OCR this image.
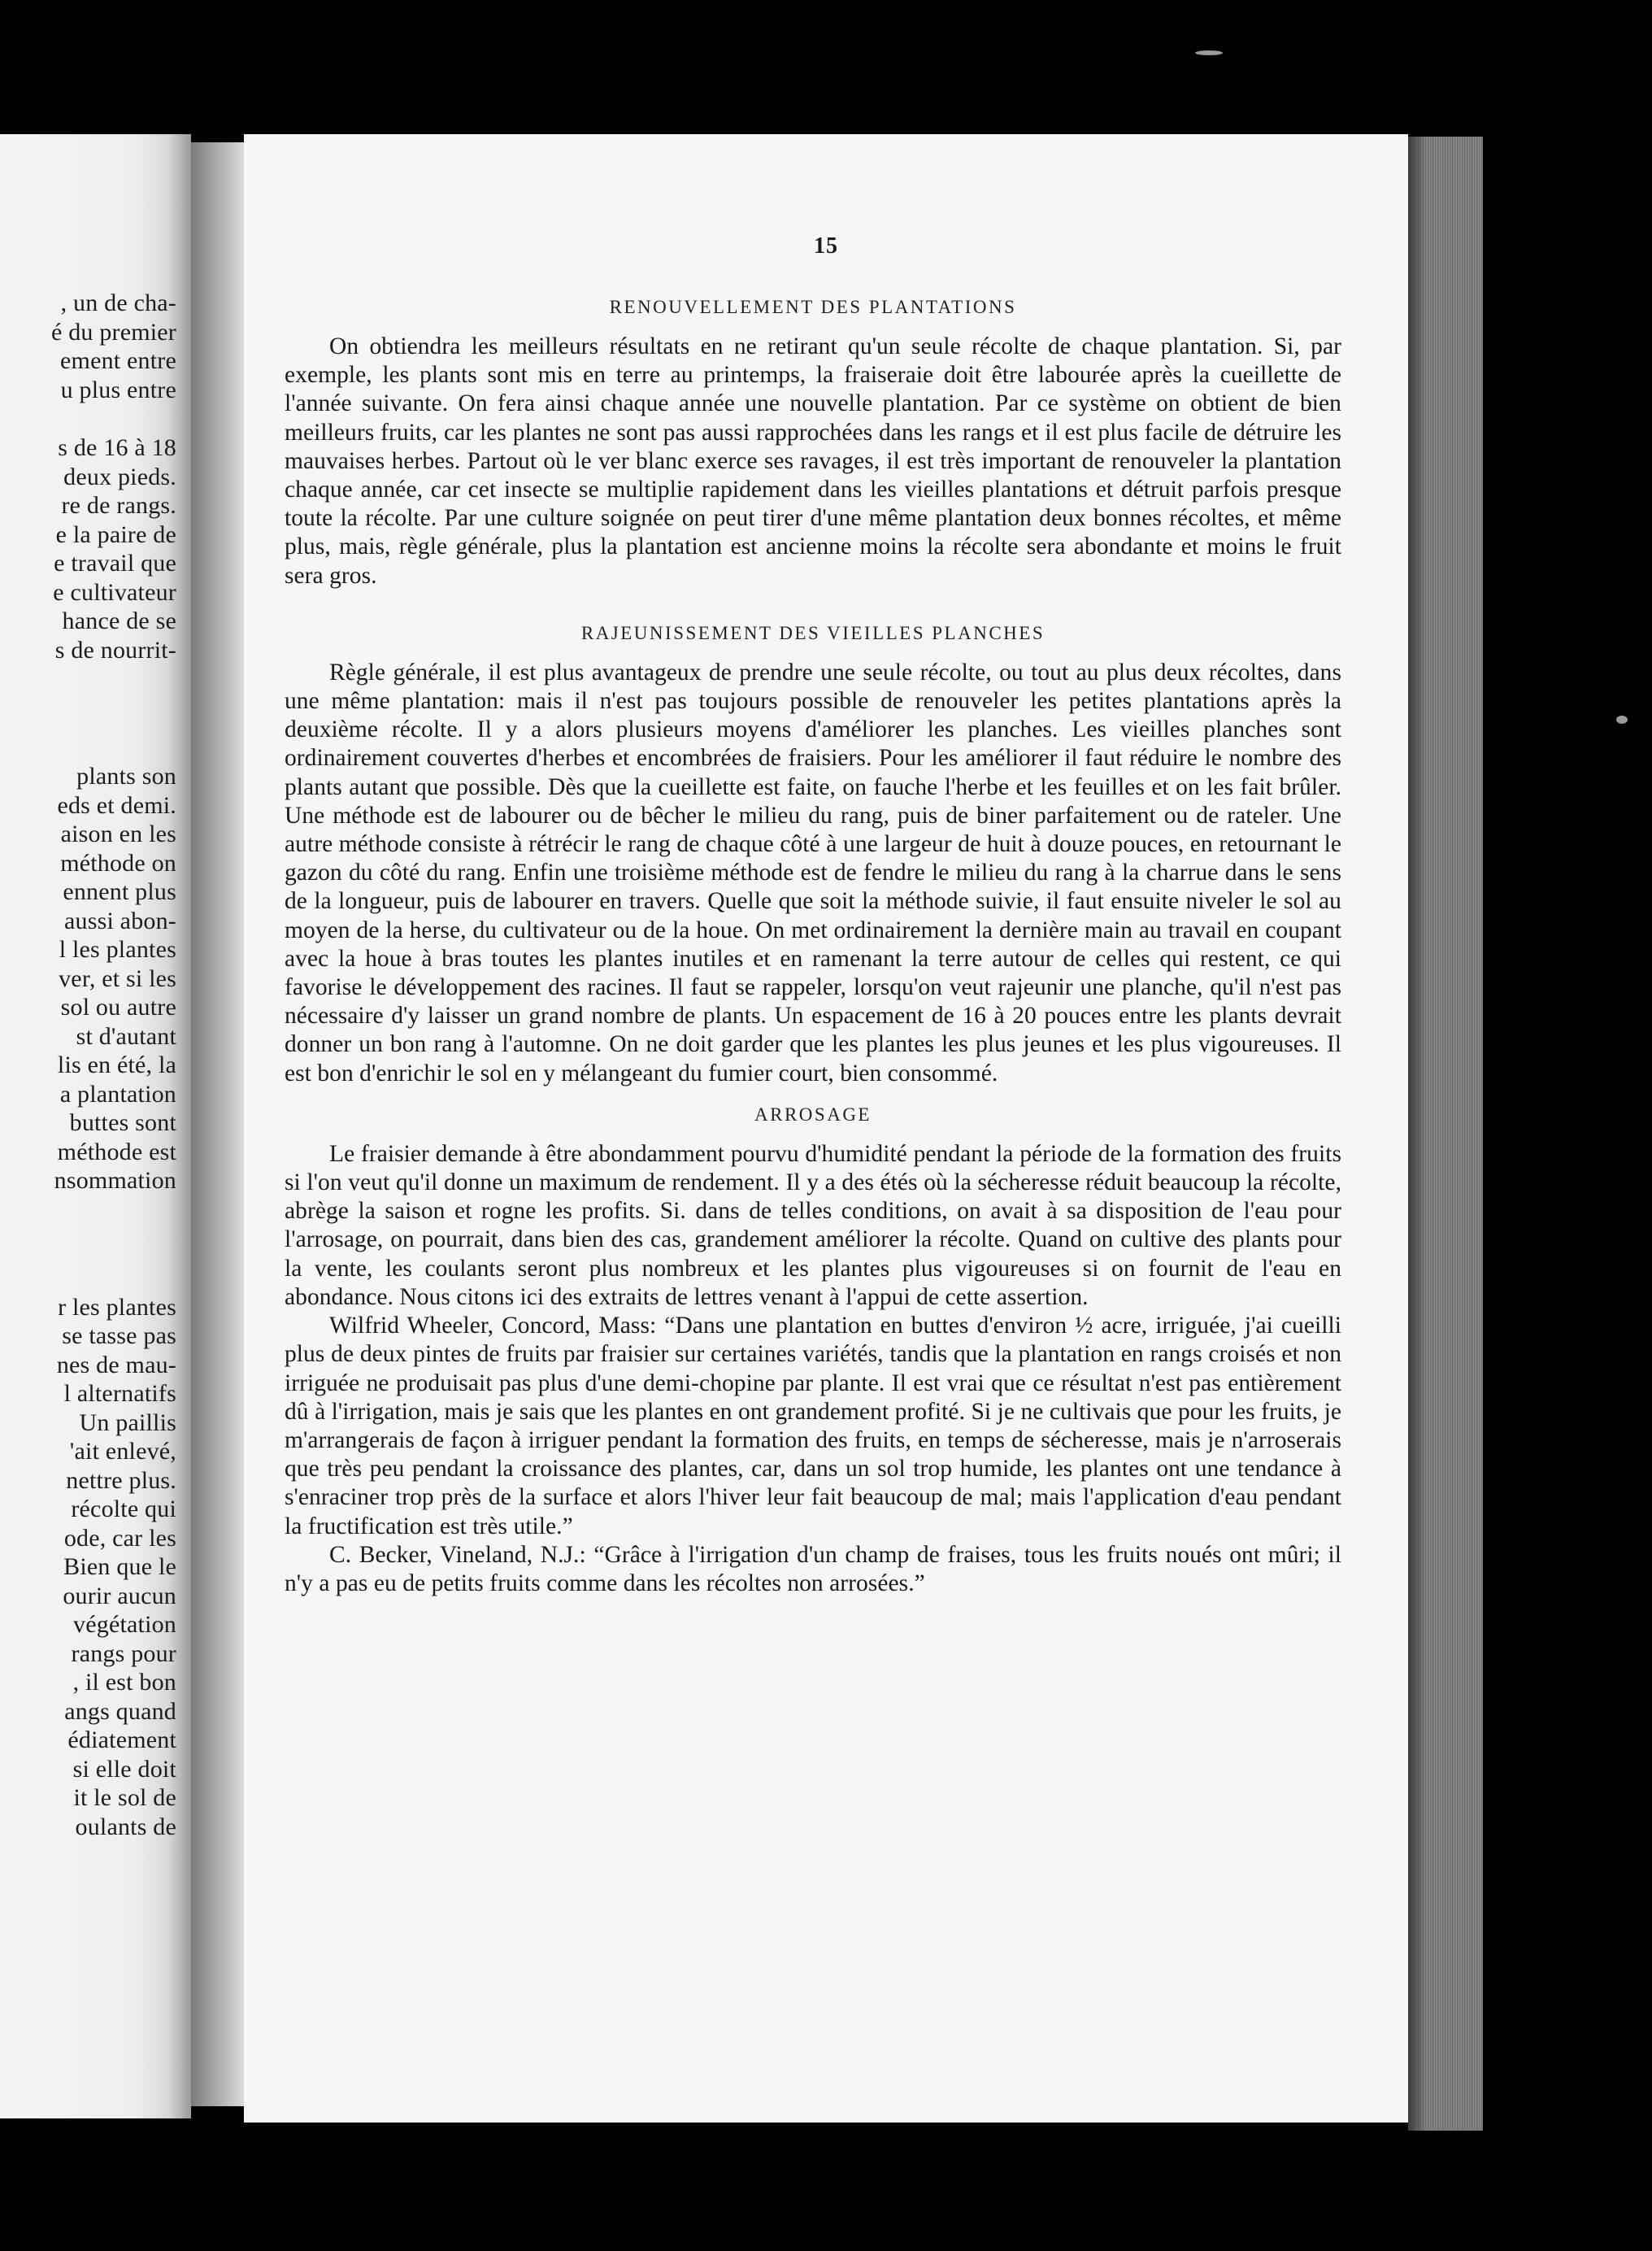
, un de cha-
é du premier
ement entre
u plus entre
s de 16 à 18
deux pieds.
re de rangs.
e la paire de
e travail que
e cultivateur
hance de se
s de nourrit-
plants son
eds et demi.
aison en les
méthode on
ennent plus
aussi abon-
l les plantes
ver, et si les
sol ou autre
st d'autant
lis en été, la
a plantation
buttes sont
méthode est
nsommation
r les plantes
se tasse pas
nes de mau-
l alternatifs
Un paillis
'ait enlevé,
nettre plus.
récolte qui
ode, car les
Bien que le
ourir aucun
végétation
rangs pour
, il est bon
angs quand
édiatement
si elle doit
it le sol de
oulants de
15
RENOUVELLEMENT DES PLANTATIONS

On obtiendra les meilleurs résultats en ne retirant qu'un seule récolte de chaque plantation. Si, par exemple, les plants sont mis en terre au printemps, la fraiseraie doit être labourée après la cueillette de l'année suivante. On fera ainsi chaque année une nouvelle plantation. Par ce système on obtient de bien meilleurs fruits, car les plantes ne sont pas aussi rapprochées dans les rangs et il est plus facile de détruire les mauvaises herbes. Partout où le ver blanc exerce ses ravages, il est très important de renouveler la plantation chaque année, car cet insecte se multiplie rapidement dans les vieilles plantations et détruit parfois presque toute la récolte. Par une culture soignée on peut tirer d'une même plantation deux bonnes récoltes, et même plus, mais, règle générale, plus la plantation est ancienne moins la récolte sera abondante et moins le fruit sera gros.

RAJEUNISSEMENT DES VIEILLES PLANCHES

Règle générale, il est plus avantageux de prendre une seule récolte, ou tout au plus deux récoltes, dans une même plantation: mais il n'est pas toujours possible de renouveler les petites plantations après la deuxième récolte. Il y a alors plusieurs moyens d'améliorer les planches. Les vieilles planches sont ordinairement couvertes d'herbes et encombrées de fraisiers. Pour les améliorer il faut réduire le nombre des plants autant que possible. Dès que la cueillette est faite, on fauche l'herbe et les feuilles et on les fait brûler. Une méthode est de labourer ou de bêcher le milieu du rang, puis de biner parfaitement ou de rateler. Une autre méthode consiste à rétrécir le rang de chaque côté à une largeur de huit à douze pouces, en retournant le gazon du côté du rang. Enfin une troisième méthode est de fendre le milieu du rang à la charrue dans le sens de la longueur, puis de labourer en travers. Quelle que soit la méthode suivie, il faut ensuite niveler le sol au moyen de la herse, du cultivateur ou de la houe. On met ordinairement la dernière main au travail en coupant avec la houe à bras toutes les plantes inutiles et en ramenant la terre autour de celles qui restent, ce qui favorise le développement des racines. Il faut se rappeler, lorsqu'on veut rajeunir une planche, qu'il n'est pas nécessaire d'y laisser un grand nombre de plants. Un espacement de 16 à 20 pouces entre les plants devrait donner un bon rang à l'automne. On ne doit garder que les plantes les plus jeunes et les plus vigoureuses. Il est bon d'enrichir le sol en y mélangeant du fumier court, bien consommé.

ARROSAGE

Le fraisier demande à être abondamment pourvu d'humidité pendant la période de la formation des fruits si l'on veut qu'il donne un maximum de rendement. Il y a des étés où la sécheresse réduit beaucoup la récolte, abrège la saison et rogne les profits. Si. dans de telles conditions, on avait à sa disposition de l'eau pour l'arrosage, on pourrait, dans bien des cas, grandement améliorer la récolte. Quand on cultive des plants pour la vente, les coulants seront plus nombreux et les plantes plus vigoureuses si on fournit de l'eau en abondance. Nous citons ici des extraits de lettres venant à l'appui de cette assertion.

Wilfrid Wheeler, Concord, Mass: “Dans une plantation en buttes d'environ ½ acre, irriguée, j'ai cueilli plus de deux pintes de fruits par fraisier sur certaines variétés, tandis que la plantation en rangs croisés et non irriguée ne produisait pas plus d'une demi-chopine par plante. Il est vrai que ce résultat n'est pas entièrement dû à l'irrigation, mais je sais que les plantes en ont grandement profité. Si je ne cultivais que pour les fruits, je m'arrangerais de façon à irriguer pendant la formation des fruits, en temps de sécheresse, mais je n'arroserais que très peu pendant la croissance des plantes, car, dans un sol trop humide, les plantes ont une tendance à s'enraciner trop près de la surface et alors l'hiver leur fait beaucoup de mal; mais l'application d'eau pendant la fructification est très utile.”

C. Becker, Vineland, N.J.: “Grâce à l'irrigation d'un champ de fraises, tous les fruits noués ont mûri; il n'y a pas eu de petits fruits comme dans les récoltes non arrosées.”
